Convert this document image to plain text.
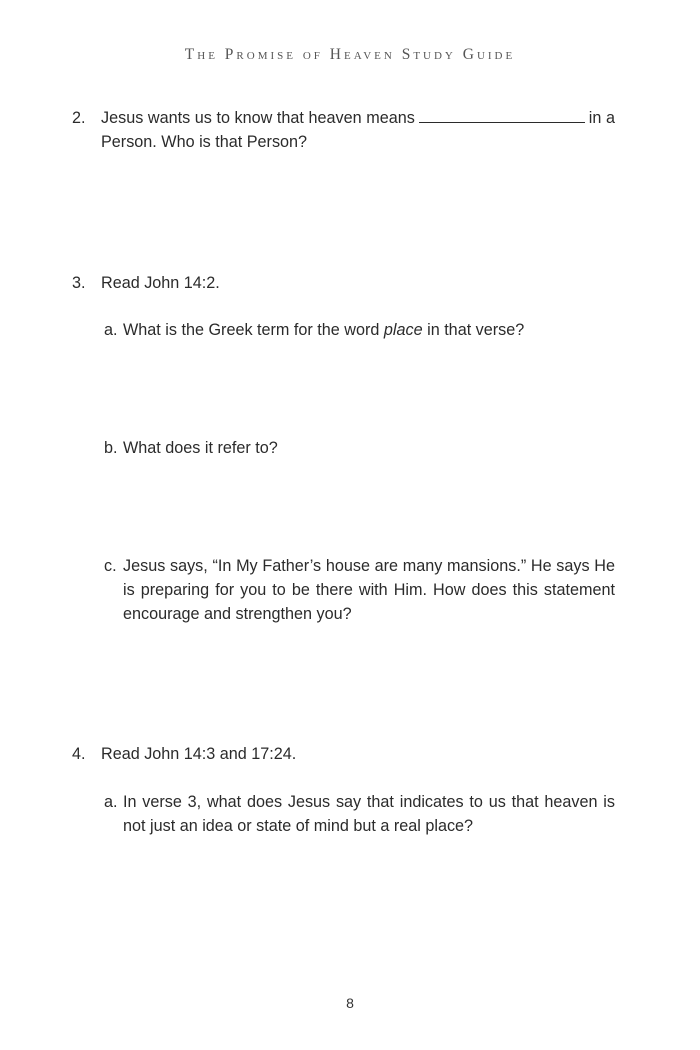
The Promise of Heaven Study Guide
2. Jesus wants us to know that heaven means	in a Person. Who is that Person?
3. Read John 14:2.
a. What is the Greek term for the word place in that verse?
b. What does it refer to?
c. Jesus says, “In My Father’s house are many mansions.” He says He is preparing for you to be there with Him. How does this statement encourage and strengthen you?
4. Read John 14:3 and 17:24.
a. In verse 3, what does Jesus say that indicates to us that heaven is not just an idea or state of mind but a real place?
8
